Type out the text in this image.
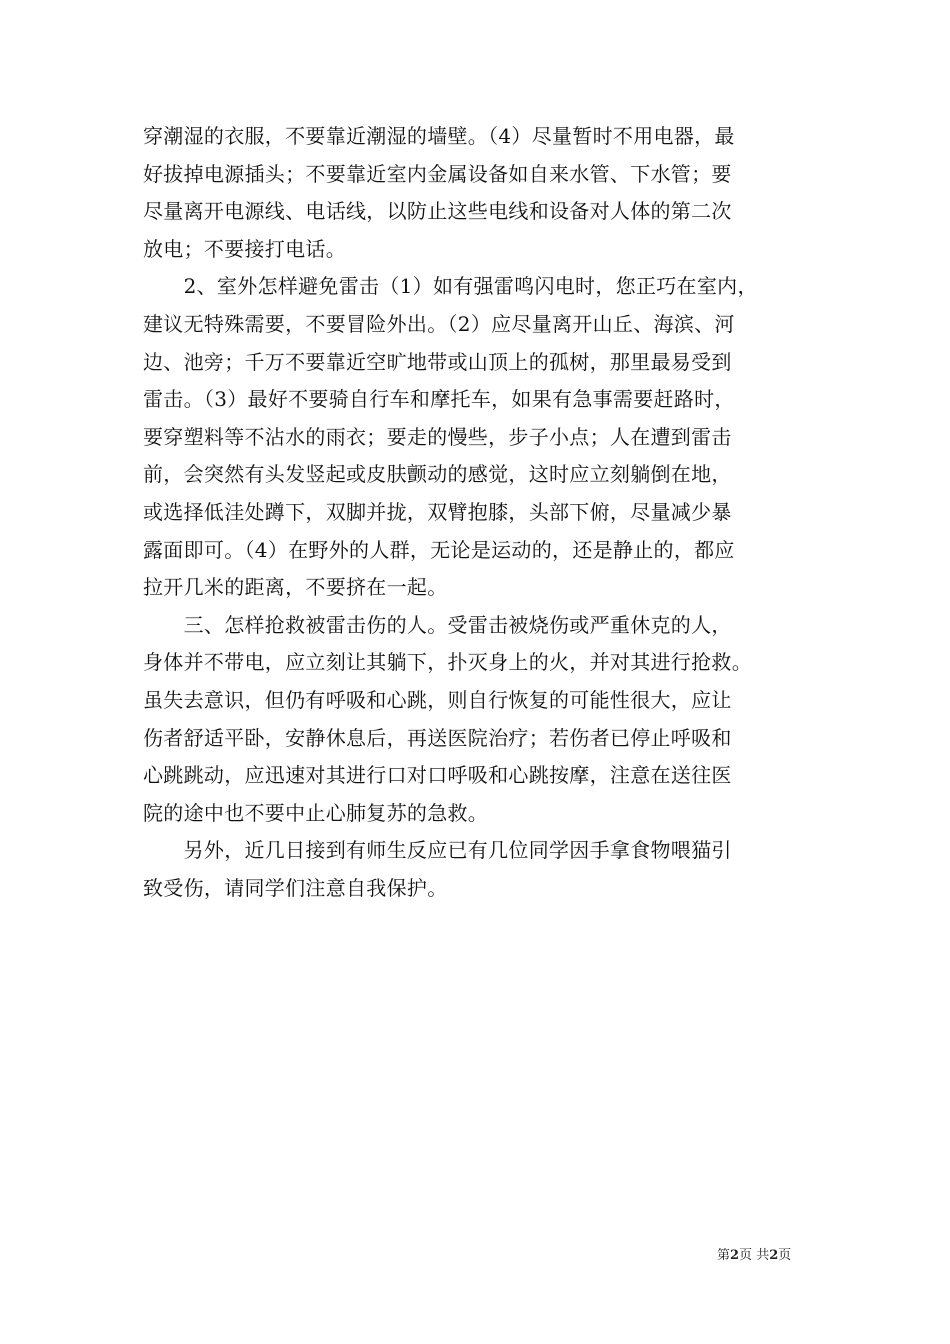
穿潮湿的衣服，不要靠近潮湿的墙壁。（4）尽量暂时不用电器，最
好拔掉电源插头；不要靠近室内金属设备如自来水管、下水管；要
尽量离开电源线、电话线，以防止这些电线和设备对人体的第二次
放电；不要接打电话。
　　2、室外怎样避免雷击（1）如有强雷鸣闪电时，您正巧在室内，
建议无特殊需要，不要冒险外出。（2）应尽量离开山丘、海滨、河
边、池旁；千万不要靠近空旷地带或山顶上的孤树，那里最易受到
雷击。（3）最好不要骑自行车和摩托车，如果有急事需要赶路时，
要穿塑料等不沾水的雨衣；要走的慢些，步子小点；人在遭到雷击
前，会突然有头发竖起或皮肤颤动的感觉，这时应立刻躺倒在地，
或选择低洼处蹲下，双脚并拢，双臂抱膝，头部下俯，尽量减少暴
露面即可。（4）在野外的人群，无论是运动的，还是静止的，都应
拉开几米的距离，不要挤在一起。
　　三、怎样抢救被雷击伤的人。受雷击被烧伤或严重休克的人，
身体并不带电，应立刻让其躺下，扑灭身上的火，并对其进行抢救。
虽失去意识，但仍有呼吸和心跳，则自行恢复的可能性很大，应让
伤者舒适平卧，安静休息后，再送医院治疗；若伤者已停止呼吸和
心跳跳动，应迅速对其进行口对口呼吸和心跳按摩，注意在送往医
院的途中也不要中止心肺复苏的急救。
　　另外，近几日接到有师生反应已有几位同学因手拿食物喂猫引
致受伤，请同学们注意自我保护。
第2页 共2页
